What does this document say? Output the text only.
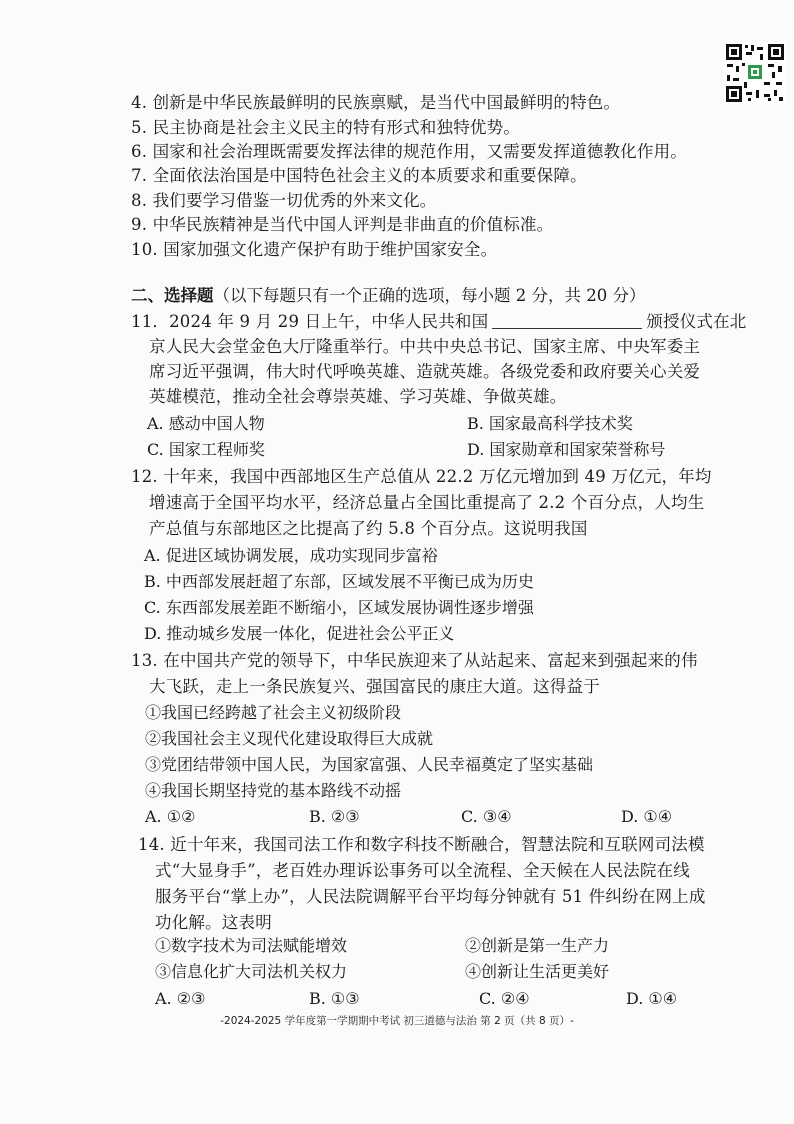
4. 创新是中华民族最鲜明的民族禀赋，是当代中国最鲜明的特色。
5. 民主协商是社会主义民主的特有形式和独特优势。
6. 国家和社会治理既需要发挥法律的规范作用，又需要发挥道德教化作用。
7. 全面依法治国是中国特色社会主义的本质要求和重要保障。
8. 我们要学习借鉴一切优秀的外来文化。
9. 中华民族精神是当代中国人评判是非曲直的价值标准。
10. 国家加强文化遗产保护有助于维护国家安全。
二、选择题（以下每题只有一个正确的选项，每小题 2 分，共 20 分）
11．2024 年 9 月 29 日上午，中华人民共和国	颁授仪式在北
京人民大会堂金色大厅隆重举行。中共中央总书记、国家主席、中央军委主
席习近平强调，伟大时代呼唤英雄、造就英雄。各级党委和政府要关心关爱
英雄模范，推动全社会尊崇英雄、学习英雄、争做英雄。
A. 感动中国人物	B. 国家最高科学技术奖
C. 国家工程师奖	D. 国家勋章和国家荣誉称号
12. 十年来，我国中西部地区生产总值从 22.2 万亿元增加到 49 万亿元，年均
增速高于全国平均水平，经济总量占全国比重提高了 2.2 个百分点，人均生
产总值与东部地区之比提高了约 5.8 个百分点。这说明我国
A. 促进区域协调发展，成功实现同步富裕
B. 中西部发展赶超了东部，区域发展不平衡已成为历史
C. 东西部发展差距不断缩小，区域发展协调性逐步增强
D. 推动城乡发展一体化，促进社会公平正义
13. 在中国共产党的领导下，中华民族迎来了从站起来、富起来到强起来的伟
大飞跃，走上一条民族复兴、强国富民的康庄大道。这得益于
①我国已经跨越了社会主义初级阶段
②我国社会主义现代化建设取得巨大成就
③党团结带领中国人民，为国家富强、人民幸福奠定了坚实基础
④我国长期坚持党的基本路线不动摇
A. ①②	B. ②③	C. ③④	D. ①④
14. 近十年来，我国司法工作和数字科技不断融合，智慧法院和互联网司法模
式“大显身手”，老百姓办理诉讼事务可以全流程、全天候在人民法院在线
服务平台“掌上办”，人民法院调解平台平均每分钟就有 51 件纠纷在网上成
功化解。这表明
①数字技术为司法赋能增效	②创新是第一生产力
③信息化扩大司法机关权力	④创新让生活更美好
A. ②③	B. ①③	C. ②④	D. ①④
-2024-2025 学年度第一学期期中考试 初三道德与法治 第 2 页（共 8 页）-
